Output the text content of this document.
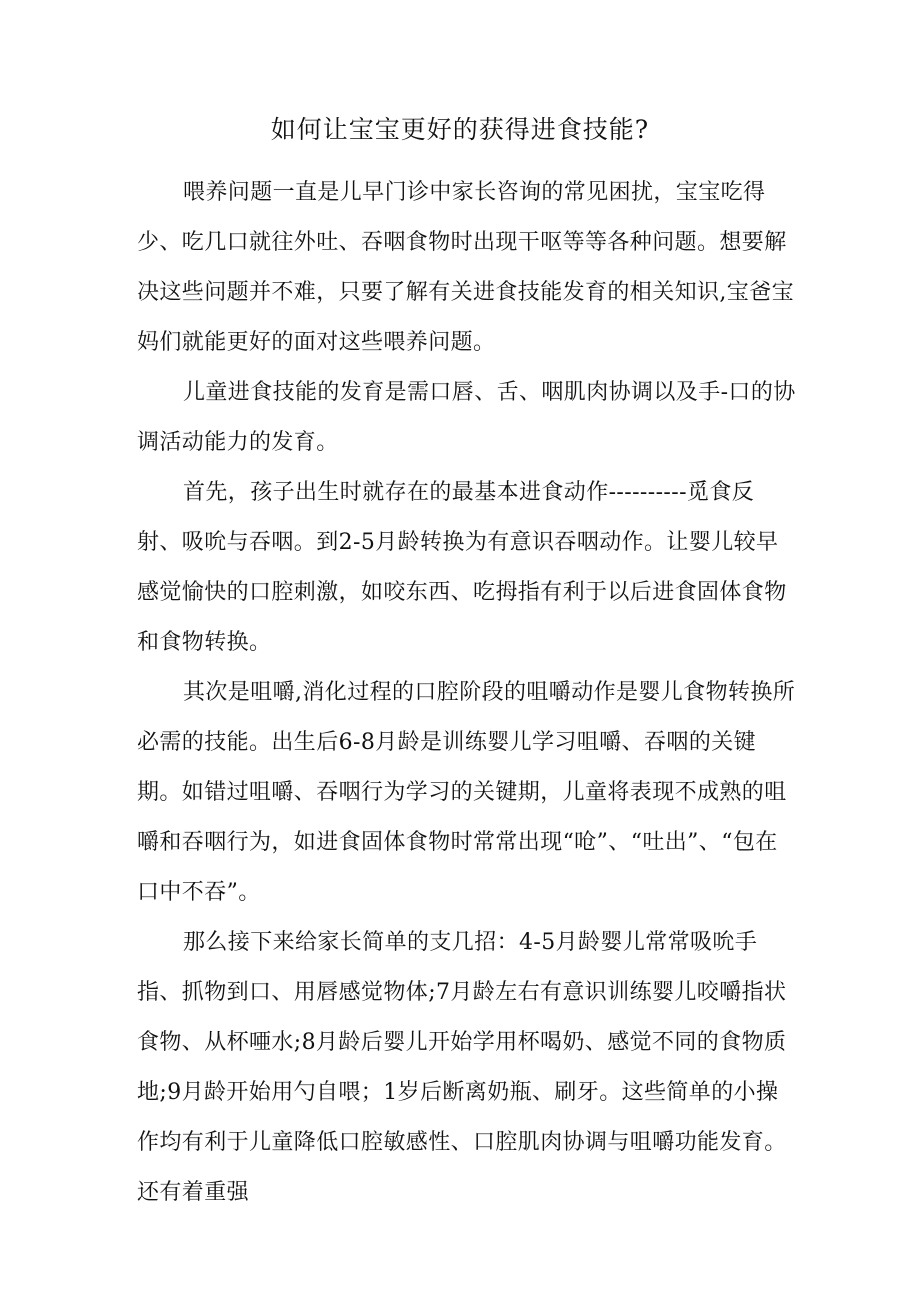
如何让宝宝更好的获得进食技能?

喂养问题一直是儿早门诊中家长咨询的常见困扰，宝宝吃得少、吃几口就往外吐、吞咽食物时出现干呕等等各种问题。想要解决这些问题并不难，只要了解有关进食技能发育的相关知识,宝爸宝妈们就能更好的面对这些喂养问题。

儿童进食技能的发育是需口唇、舌、咽肌肉协调以及手-口的协调活动能力的发育。

首先，孩子出生时就存在的最基本进食动作----------觅食反射、吸吮与吞咽。到2-5月龄转换为有意识吞咽动作。让婴儿较早感觉愉快的口腔刺激，如咬东西、吃拇指有利于以后进食固体食物和食物转换。

其次是咀嚼,消化过程的口腔阶段的咀嚼动作是婴儿食物转换所必需的技能。出生后6-8月龄是训练婴儿学习咀嚼、吞咽的关键期。如错过咀嚼、吞咽行为学习的关键期，儿童将表现不成熟的咀嚼和吞咽行为，如进食固体食物时常常出现“呛”、“吐出”、“包在口中不吞”。

那么接下来给家长简单的支几招：4-5月龄婴儿常常吸吮手指、抓物到口、用唇感觉物体;7月龄左右有意识训练婴儿咬嚼指状食物、从杯唖水;8月龄后婴儿开始学用杯喝奶、感觉不同的食物质地;9月龄开始用勺自喂；1岁后断离奶瓶、刷牙。这些简单的小操作均有利于儿童降低口腔敏感性、口腔肌肉协调与咀嚼功能发育。还有着重强
